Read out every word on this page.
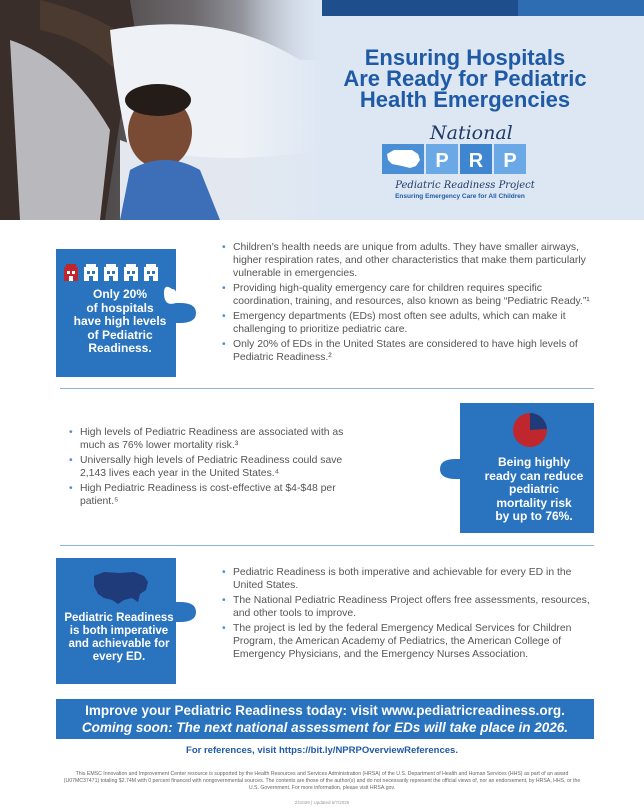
Ensuring Hospitals
Are Ready for Pediatric
Health Emergencies
National
P R P
Pediatric Readiness Project
Ensuring Emergency Care for All Children
Only 20%
of hospitals
have high levels
of Pediatric
Readiness.
• Children's health needs are unique from adults. They have smaller airways, higher respiration rates, and other characteristics that make them particularly vulnerable in emergencies.
• Providing high-quality emergency care for children requires specific coordination, training, and resources, also known as being “Pediatric Ready.”¹
• Emergency departments (EDs) most often see adults, which can make it challenging to prioritize pediatric care.
• Only 20% of EDs in the United States are considered to have high levels of Pediatric Readiness.²
• High levels of Pediatric Readiness are associated with as much as 76% lower mortality risk.³
• Universally high levels of Pediatric Readiness could save 2,143 lives each year in the United States.⁴
• High Pediatric Readiness is cost-effective at $4-$48 per patient.⁵
Being highly
ready can reduce
pediatric
mortality risk
by up to 76%.
Pediatric Readiness
is both imperative
and achievable for
every ED.
• Pediatric Readiness is both imperative and achievable for every ED in the United States.
• The National Pediatric Readiness Project offers free assessments, resources, and other tools to improve.
• The project is led by the federal Emergency Medical Services for Children Program, the American Academy of Pediatrics, the American College of Emergency Physicians, and the Emergency Nurses Association.
Improve your Pediatric Readiness today: visit www.pediatricreadiness.org.
Coming soon: The next national assessment for EDs will take place in 2026.
For references, visit https://bit.ly/NPRPOverviewReferences.
This EMSC Innovation and Improvement Center resource is supported by the Health Resources and Services Administration (HRSA) of the U.S. Department of Health and Human Services (HHS) as part of an award (U07MC37471) totaling $2.74M with 0 percent financed with nongovernmental sources. The contents are those of the author(s) and do not necessarily represent the official views of, nor an endorsement, by HRSA, HHS, or the U.S. Government. For more information, please visit HRSA.gov.
241029 | Updated 6/7/2025
